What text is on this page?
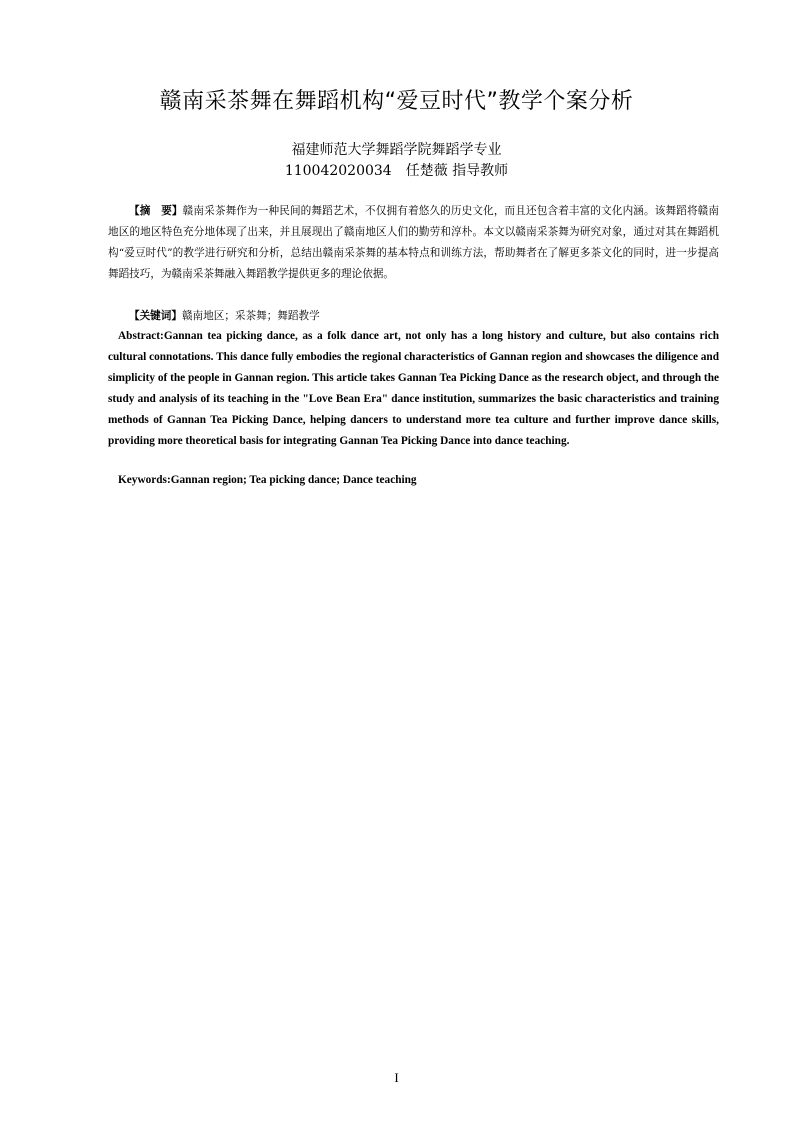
赣南采茶舞在舞蹈机构“爱豆时代”教学个案分析
福建师范大学舞蹈学院舞蹈学专业
110042020034　任楚薇 指导教师

【摘　要】赣南采茶舞作为一种民间的舞蹈艺术，不仅拥有着悠久的历史文化，而且还包含着丰富的文化内涵。该舞蹈将赣南地区的地区特色充分地体现了出来，并且展现出了赣南地区人们的勤劳和淳朴。本文以赣南采茶舞为研究对象，通过对其在舞蹈机构“爱豆时代”的教学进行研究和分析，总结出赣南采茶舞的基本特点和训练方法，帮助舞者在了解更多茶文化的同时，进一步提高舞蹈技巧，为赣南采茶舞融入舞蹈教学提供更多的理论依据。

【关键词】赣南地区；采茶舞；舞蹈教学

Abstract:Gannan tea picking dance, as a folk dance art, not only has a long history and culture, but also contains rich cultural connotations. This dance fully embodies the regional characteristics of Gannan region and showcases the diligence and simplicity of the people in Gannan region. This article takes Gannan Tea Picking Dance as the research object, and through the study and analysis of its teaching in the "Love Bean Era" dance institution, summarizes the basic characteristics and training methods of Gannan Tea Picking Dance, helping dancers to understand more tea culture and further improve dance skills, providing more theoretical basis for integrating Gannan Tea Picking Dance into dance teaching.

Keywords:Gannan region; Tea picking dance; Dance teaching

I
